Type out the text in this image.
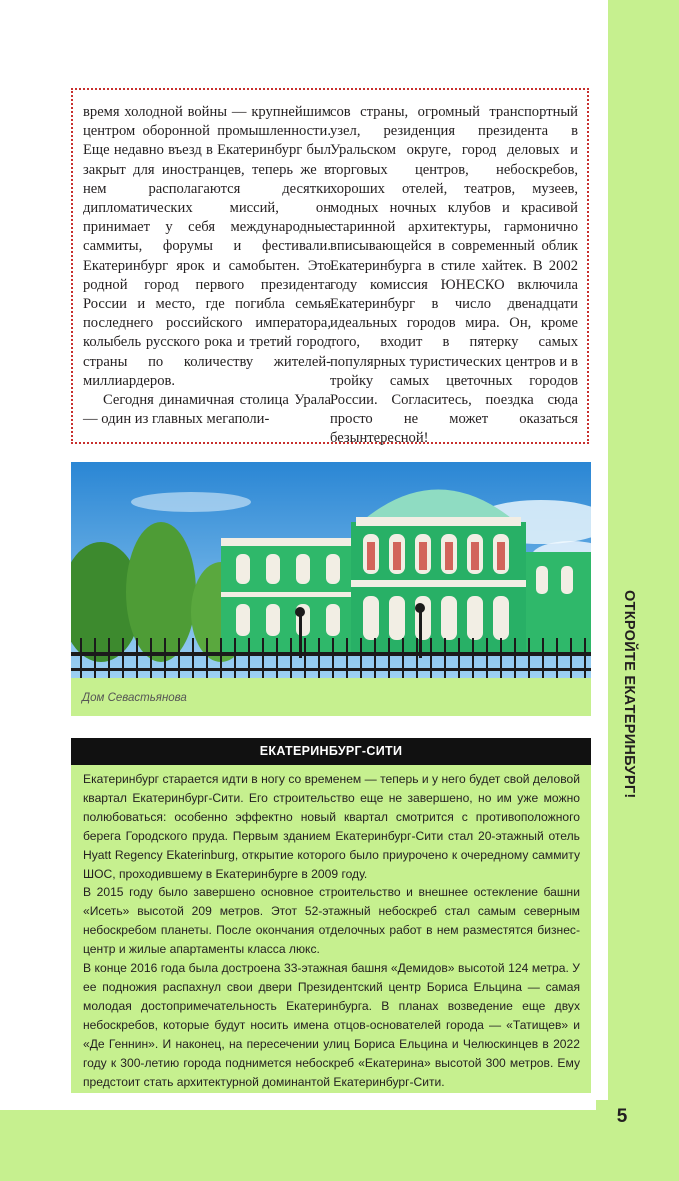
5
ОТКРОЙТЕ ЕКАТЕРИНБУРГ!

время холодной войны — крупнейшим центром оборонной промышленности. Еще недавно въезд в Екатеринбург был закрыт для иностранцев, теперь же в нем располагаются десятки дипломатических миссий, он принимает у себя международные саммиты, форумы и фестивали. Екатеринбург ярок и самобытен. Это родной город первого президента России и место, где погибла семья последнего российского императора, колыбель русского рока и третий город страны по количеству жителей-миллиардеров.

Сегодня динамичная столица Урала — один из главных мегаполи-

сов страны, огромный транспортный узел, резиденция президента в Уральском округе, город деловых и торговых центров, небоскребов, хороших отелей, театров, музеев, модных ночных клубов и красивой старинной архитектуры, гармонично вписывающейся в современный облик Екатеринбурга в стиле хайтек. В 2002 году комиссия ЮНЕСКО включила Екатеринбург в число двенадцати идеальных городов мира. Он, кроме того, входит в пятерку самых популярных туристических центров и в тройку самых цветочных городов России. Согласитесь, поездка сюда просто не может оказаться безынтересной!

Дом Севастьянова
ЕКАТЕРИНБУРГ-СИТИ

Екатеринбург старается идти в ногу со временем — теперь и у него будет свой деловой квартал Екатеринбург-Сити. Его строительство еще не завершено, но им уже можно полюбоваться: особенно эффектно новый квартал смотрится с противоположного берега Городского пруда. Первым зданием Екатеринбург-Сити стал 20-этажный отель Hyatt Regency Ekaterinburg, открытие которого было приурочено к очередному саммиту ШОС, проходившему в Екатеринбурге в 2009 году.

В 2015 году было завершено основное строительство и внешнее остекление башни «Исеть» высотой 209 метров. Этот 52-этажный небоскреб стал самым северным небоскребом планеты. После окончания отделочных работ в нем разместятся бизнес-центр и жилые апартаменты класса люкс.

В конце 2016 года была достроена 33-этажная башня «Демидов» высотой 124 метра. У ее подножия распахнул свои двери Президентский центр Бориса Ельцина — самая молодая достопримечательность Екатеринбурга. В планах возведение еще двух небоскребов, которые будут носить имена отцов-основателей города — «Татищев» и «Де Геннин». И наконец, на пересечении улиц Бориса Ельцина и Челюскинцев в 2022 году к 300-летию города поднимется небоскреб «Екатерина» высотой 300 метров. Ему предстоит стать архитектурной доминантой Екатеринбург-Сити.
